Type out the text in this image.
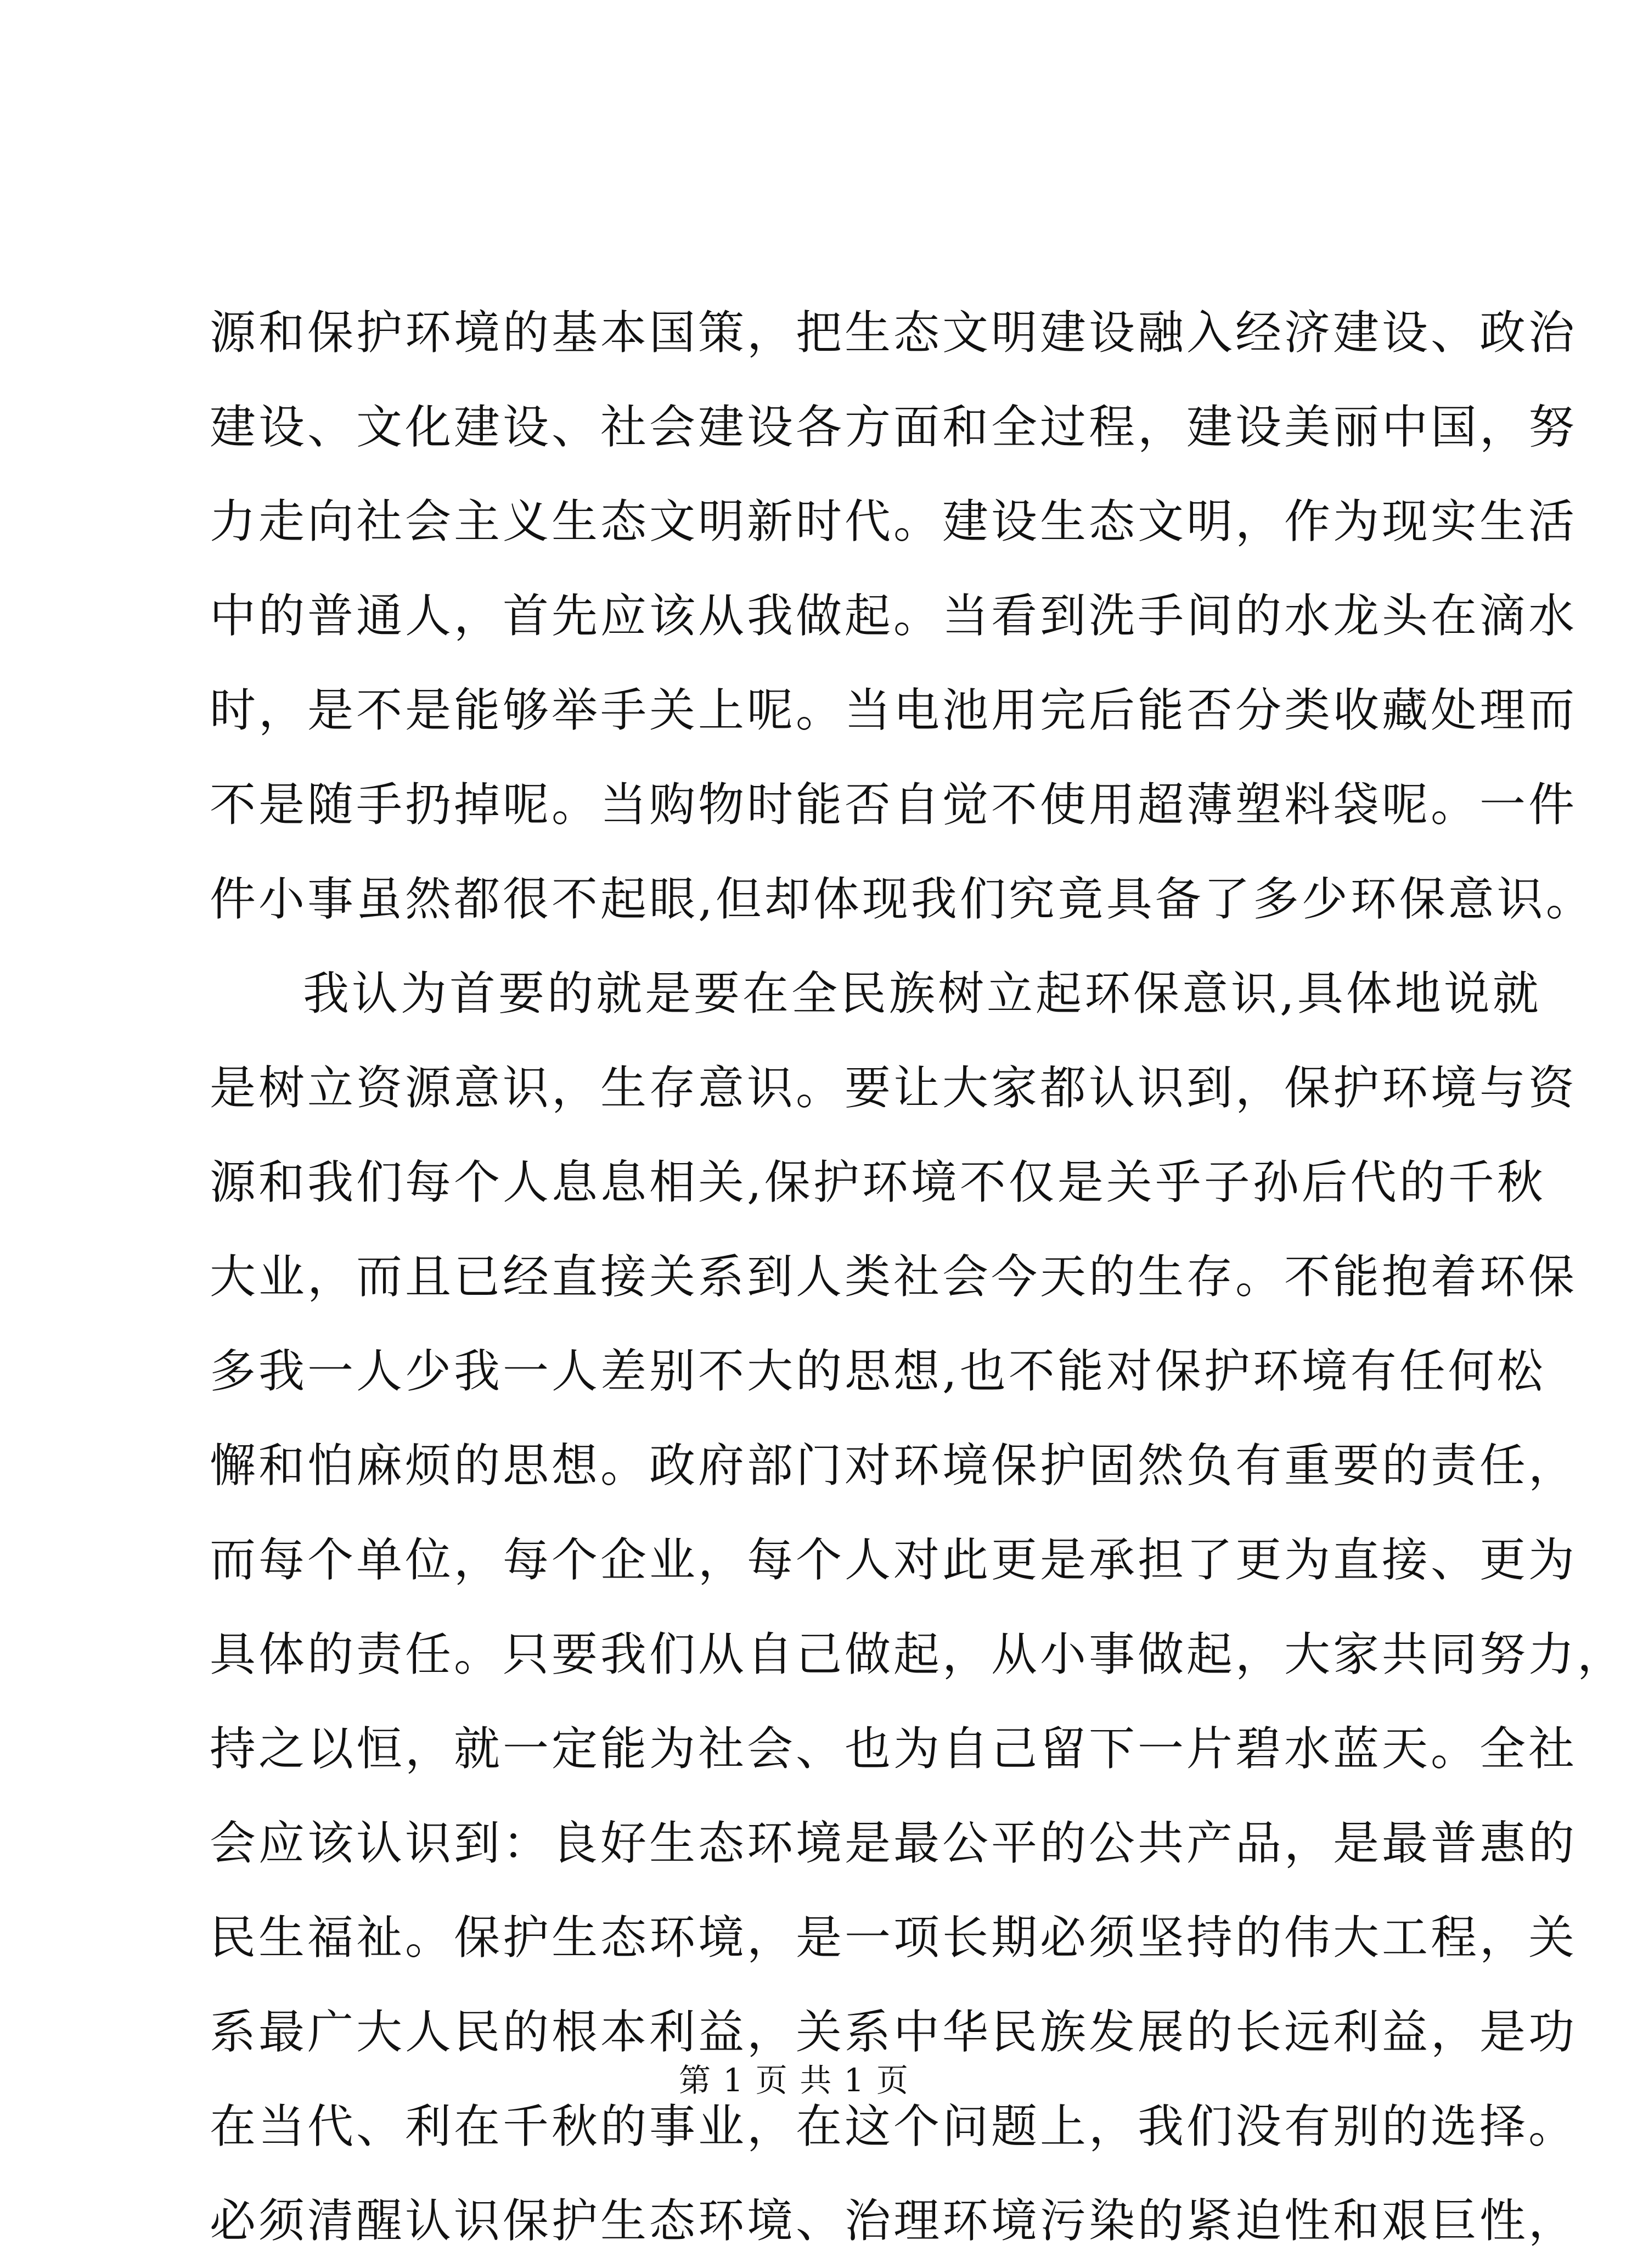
源和保护环境的基本国策，把生态文明建设融入经济建设、政治
建设、文化建设、社会建设各方面和全过程，建设美丽中国，努
力走向社会主义生态文明新时代。建设生态文明，作为现实生活
中的普通人，首先应该从我做起。当看到洗手间的水龙头在滴水
时，是不是能够举手关上呢。当电池用完后能否分类收藏处理而
不是随手扔掉呢。当购物时能否自觉不使用超薄塑料袋呢。一件
件小事虽然都很不起眼,但却体现我们究竟具备了多少环保意识。
我认为首要的就是要在全民族树立起环保意识,具体地说就
是树立资源意识，生存意识。要让大家都认识到，保护环境与资
源和我们每个人息息相关,保护环境不仅是关乎子孙后代的千秋
大业，而且已经直接关系到人类社会今天的生存。不能抱着环保
多我一人少我一人差别不大的思想,也不能对保护环境有任何松
懈和怕麻烦的思想。政府部门对环境保护固然负有重要的责任，
而每个单位，每个企业，每个人对此更是承担了更为直接、更为
具体的责任。只要我们从自己做起，从小事做起，大家共同努力，
持之以恒，就一定能为社会、也为自己留下一片碧水蓝天。全社
会应该认识到：良好生态环境是最公平的公共产品，是最普惠的
民生福祉。保护生态环境，是一项长期必须坚持的伟大工程，关
系最广大人民的根本利益，关系中华民族发展的长远利益，是功
在当代、利在千秋的事业，在这个问题上，我们没有别的选择。
必须清醒认识保护生态环境、治理环境污染的紧迫性和艰巨性，
第 1 页 共 1 页
